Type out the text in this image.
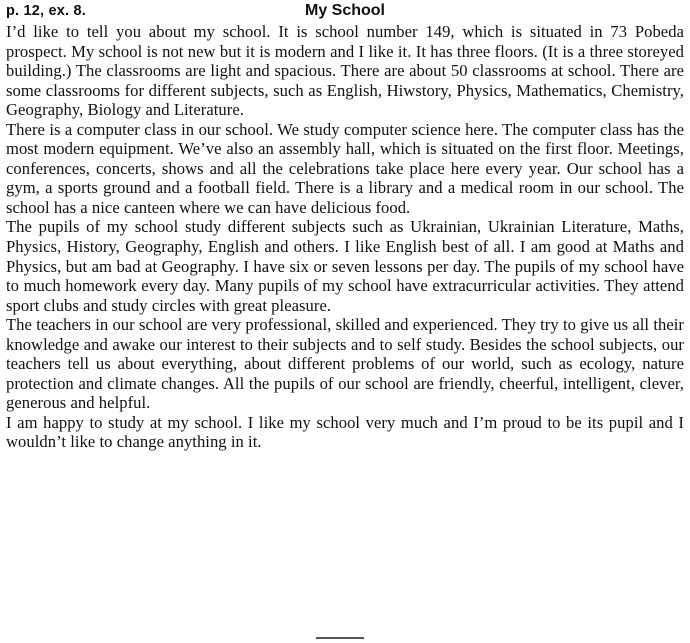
p. 12, ex. 8.	My School

I’d like to tell you about my school. It is school number 149, which is situated in 73 Pobeda prospect. My school is not new but it is modern and I like it. It has three floors. (It is a three storeyed building.) The classrooms are light and spacious. There are about 50 classrooms at school. There are some classrooms for different subjects, such as English, Hiwstory, Physics, Mathematics, Chemistry, Geography, Biology and Literature.

There is a computer class in our school. We study computer science here. The computer class has the most modern equipment. We’ve also an assembly hall, which is situated on the first floor. Meetings, conferences, concerts, shows and all the celebrations take place here every year. Our school has a gym, a sports ground and a football field. There is a library and a medical room in our school. The school has a nice canteen where we can have delicious food.

The pupils of my school study different subjects such as Ukrainian, Ukrainian Literature, Maths, Physics, History, Geography, English and others. I like English best of all. I am good at Maths and Physics, but am bad at Geography. I have six or seven lessons per day. The pupils of my school have to much homework every day. Many pupils of my school have extracurricular activities. They attend sport clubs and study circles with great pleasure.

The teachers in our school are very professional, skilled and experienced. They try to give us all their knowledge and awake our interest to their subjects and to self study. Besides the school subjects, our teachers tell us about everything, about different problems of our world, such as ecology, nature protection and climate changes. All the pupils of our school are friendly, cheerful, intelligent, clever, generous and helpful.

I am happy to study at my school. I like my school very much and I’m proud to be its pupil and I wouldn’t like to change anything in it.
